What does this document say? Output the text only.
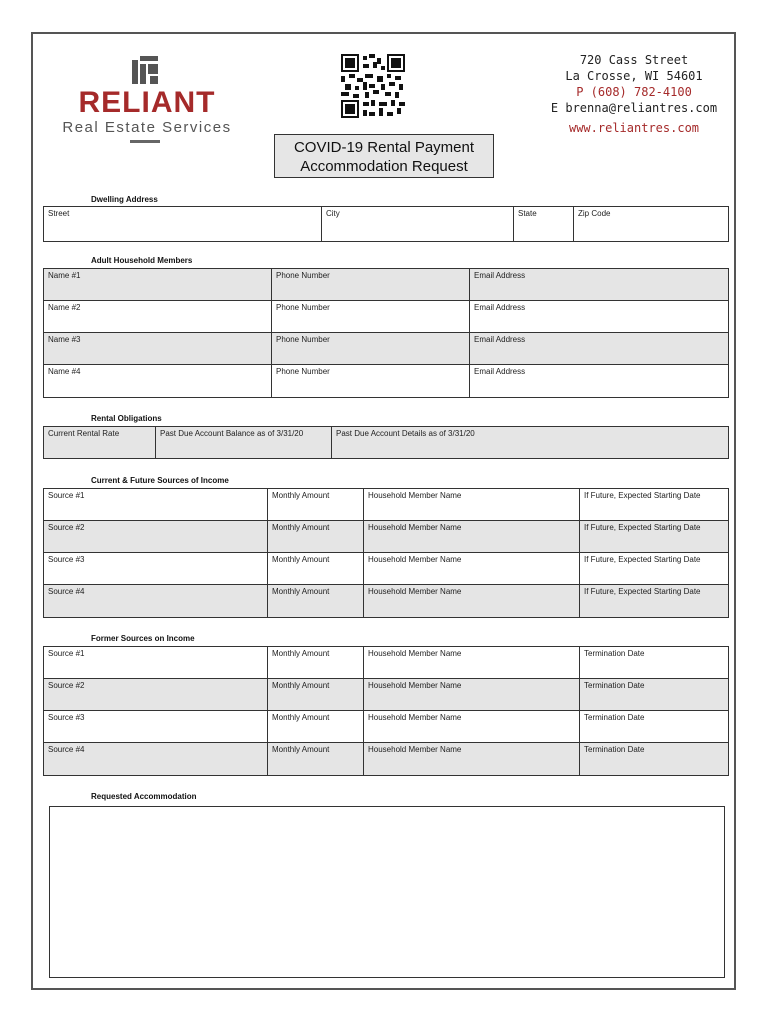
RELIANT
Real Estate Services
COVID-19 Rental Payment
Accommodation Request
720 Cass Street
La Crosse, WI 54601
P (608) 782-4100
E brenna@reliantres.com
www.reliantres.com
Dwelling Address
Street	City	State	Zip Code
Adult Household Members
Name #1	Phone Number	Email Address
Name #2	Phone Number	Email Address
Name #3	Phone Number	Email Address
Name #4	Phone Number	Email Address
Rental Obligations
Current Rental Rate	Past Due Account Balance as of 3/31/20	Past Due Account Details as of 3/31/20
Current & Future Sources of Income
Source #1	Monthly Amount	Household Member Name	If Future, Expected Starting Date
Source #2	Monthly Amount	Household Member Name	If Future, Expected Starting Date
Source #3	Monthly Amount	Household Member Name	If Future, Expected Starting Date
Source #4	Monthly Amount	Household Member Name	If Future, Expected Starting Date
Former Sources on Income
Source #1	Monthly Amount	Household Member Name	Termination Date
Source #2	Monthly Amount	Household Member Name	Termination Date
Source #3	Monthly Amount	Household Member Name	Termination Date
Source #4	Monthly Amount	Household Member Name	Termination Date
Requested Accommodation
